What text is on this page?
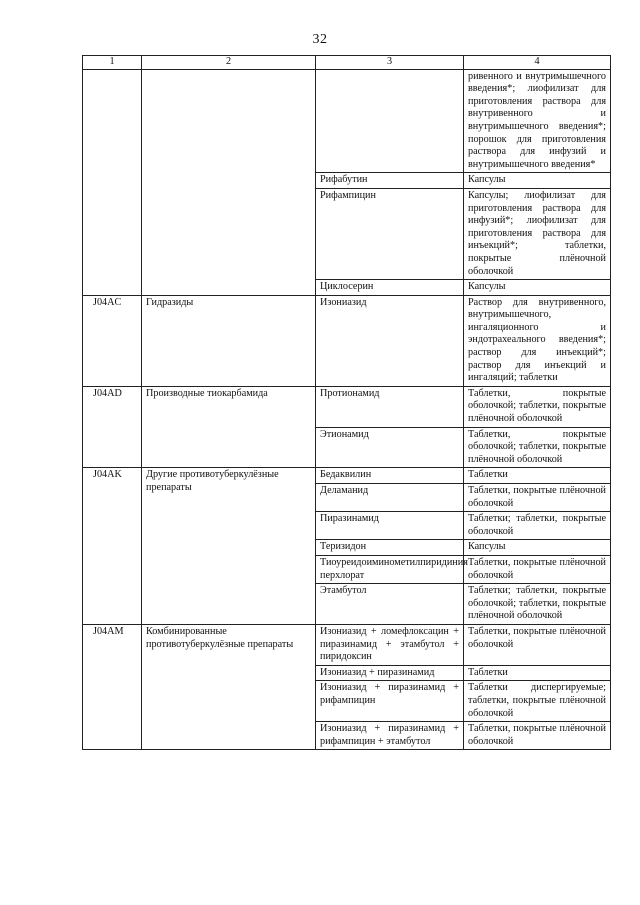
32
1	2	3	4
			ривенного и внутримышечного введения*; лиофилизат для приготовления раствора для внутривенного и внутримышечного введения*; порошок для приготовления раствора для инфузий и внутримышечного введения*
		Рифабутин	Капсулы
		Рифампицин	Капсулы; лиофилизат для приготовления раствора для инфузий*; лиофилизат для приготовления раствора для инъекций*; таблетки, покрытые плёночной оболочкой
		Циклосерин	Капсулы
J04AC	Гидразиды	Изониазид	Раствор для внутривенного, внутримышечного, ингаляционного и эндотрахеального введения*; раствор для инъекций*; раствор для инъекций и ингаляций; таблетки
J04AD	Производные тиокарбамида	Протионамид	Таблетки, покрытые оболочкой; таблетки, покрытые плёночной оболочкой
		Этионамид	Таблетки, покрытые оболочкой; таблетки, покрытые плёночной оболочкой
J04AK	Другие противотуберкулёзные препараты	Бедаквилин	Таблетки
		Деламанид	Таблетки, покрытые плёночной оболочкой
		Пиразинамид	Таблетки; таблетки, покрытые оболочкой
		Теризидон	Капсулы
		Тиоуреидоиминометилпиридиния перхлорат	Таблетки, покрытые плёночной оболочкой
		Этамбутол	Таблетки; таблетки, покрытые оболочкой; таблетки, покрытые плёночной оболочкой
J04AM	Комбинированные противотуберкулёзные препараты	Изониазид + ломефлоксацин + пиразинамид + этамбутол + пиридоксин	Таблетки, покрытые плёночной оболочкой
		Изониазид + пиразинамид	Таблетки
		Изониазид + пиразинамид + рифампицин	Таблетки диспергируемые; таблетки, покрытые плёночной оболочкой
		Изониазид + пиразинамид + рифампицин + этамбутол	Таблетки, покрытые плёночной оболочкой
